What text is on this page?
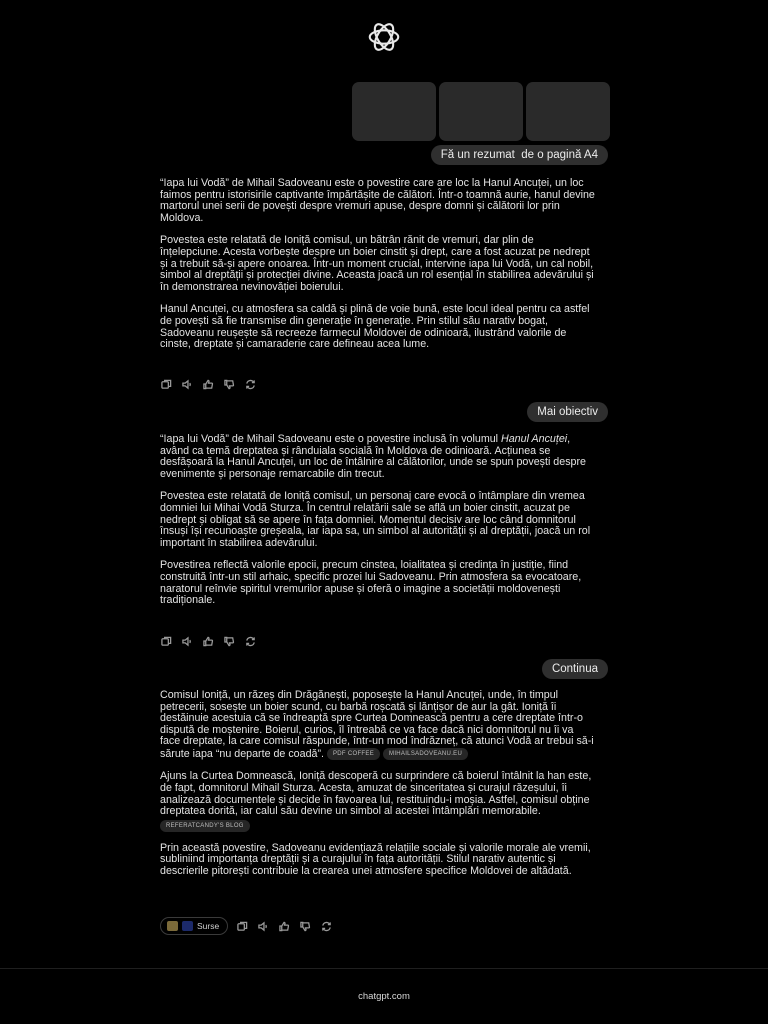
Fă un rezumat  de o pagină A4

“Iapa lui Vodă” de Mihail Sadoveanu este o povestire care are loc la Hanul Ancuței, un loc faimos pentru istorisirile captivante împărtășite de călători. Într-o toamnă aurie, hanul devine martorul unei serii de povești despre vremuri apuse, despre domni și călătorii lor prin Moldova.

Povestea este relatată de Ioniță comisul, un bătrân rănit de vremuri, dar plin de înțelepciune. Acesta vorbește despre un boier cinstit și drept, care a fost acuzat pe nedrept și a trebuit să-și apere onoarea. Într-un moment crucial, intervine iapa lui Vodă, un cal nobil, simbol al dreptății și protecției divine. Aceasta joacă un rol esențial în stabilirea adevărului și în demonstrarea nevinovăției boierului.

Hanul Ancuței, cu atmosfera sa caldă și plină de voie bună, este locul ideal pentru ca astfel de povești să fie transmise din generație în generație. Prin stilul său narativ bogat, Sadoveanu reușește să recreeze farmecul Moldovei de odinioară, ilustrând valorile de cinste, dreptate și camaraderie care defineau acea lume.

Mai obiectiv

“Iapa lui Vodă” de Mihail Sadoveanu este o povestire inclusă în volumul Hanul Ancuței, având ca temă dreptatea și rânduiala socială în Moldova de odinioară. Acțiunea se desfășoară la Hanul Ancuței, un loc de întâlnire al călătorilor, unde se spun povești despre evenimente și personaje remarcabile din trecut.

Povestea este relatată de Ioniță comisul, un personaj care evocă o întâmplare din vremea domniei lui Mihai Vodă Sturza. În centrul relatării sale se află un boier cinstit, acuzat pe nedrept și obligat să se apere în fața domniei. Momentul decisiv are loc când domnitorul însuși își recunoaște greșeala, iar iapa sa, un simbol al autorității și al dreptății, joacă un rol important în stabilirea adevărului.

Povestirea reflectă valorile epocii, precum cinstea, loialitatea și credința în justiție, fiind construită într-un stil arhaic, specific prozei lui Sadoveanu. Prin atmosfera sa evocatoare, naratorul reînvie spiritul vremurilor apuse și oferă o imagine a societății moldovenești tradiționale.

Continua

Comisul Ioniță, un răzeș din Drăgănești, poposește la Hanul Ancuței, unde, în timpul petrecerii, sosește un boier scund, cu barbă roșcată și lănțișor de aur la gât. Ioniță îi destăinuie acestuia că se îndreaptă spre Curtea Domnească pentru a cere dreptate într-o dispută de moștenire. Boierul, curios, îl întreabă ce va face dacă nici domnitorul nu îi va face dreptate, la care comisul răspunde, într-un mod îndrăzneț, că atunci Vodă ar trebui să-i sărute iapa “nu departe de coadă”. PDF COFFEE	MIHAILSADOVEANU.EU

Ajuns la Curtea Domnească, Ioniță descoperă cu surprindere că boierul întâlnit la han este, de fapt, domnitorul Mihail Sturza. Acesta, amuzat de sinceritatea și curajul răzeșului, îi analizează documentele și decide în favoarea lui, restituindu-i moșia. Astfel, comisul obține dreptatea dorită, iar calul său devine un simbol al acestei întâmplări memorabile.
REFERATCANDY'S BLOG

Prin această povestire, Sadoveanu evidențiază relațiile sociale și valorile morale ale vremii, subliniind importanța dreptății și a curajului în fața autorității. Stilul narativ autentic și descrierile pitorești contribuie la crearea unei atmosfere specifice Moldovei de altădată.

Surse
chatgpt.com
